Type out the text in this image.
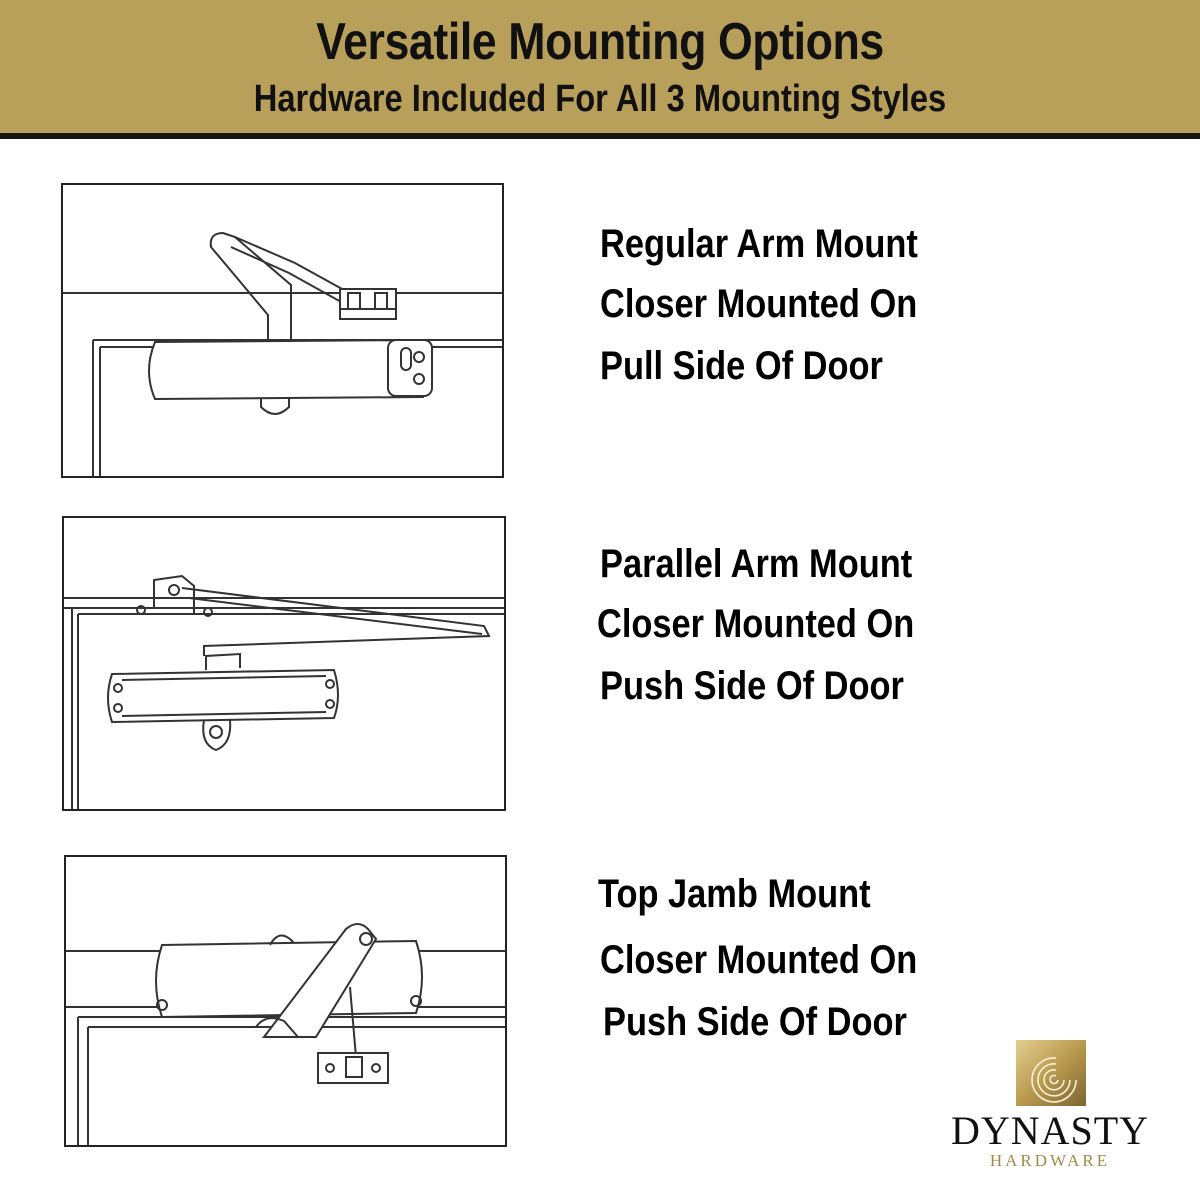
Versatile Mounting Options
Hardware Included For All 3 Mounting Styles
Regular Arm Mount
Closer Mounted On
Pull Side Of Door
Parallel Arm Mount
Closer Mounted On
Push Side Of Door
Top Jamb Mount
Closer Mounted On
Push Side Of Door
DYNASTY
HARDWARE
